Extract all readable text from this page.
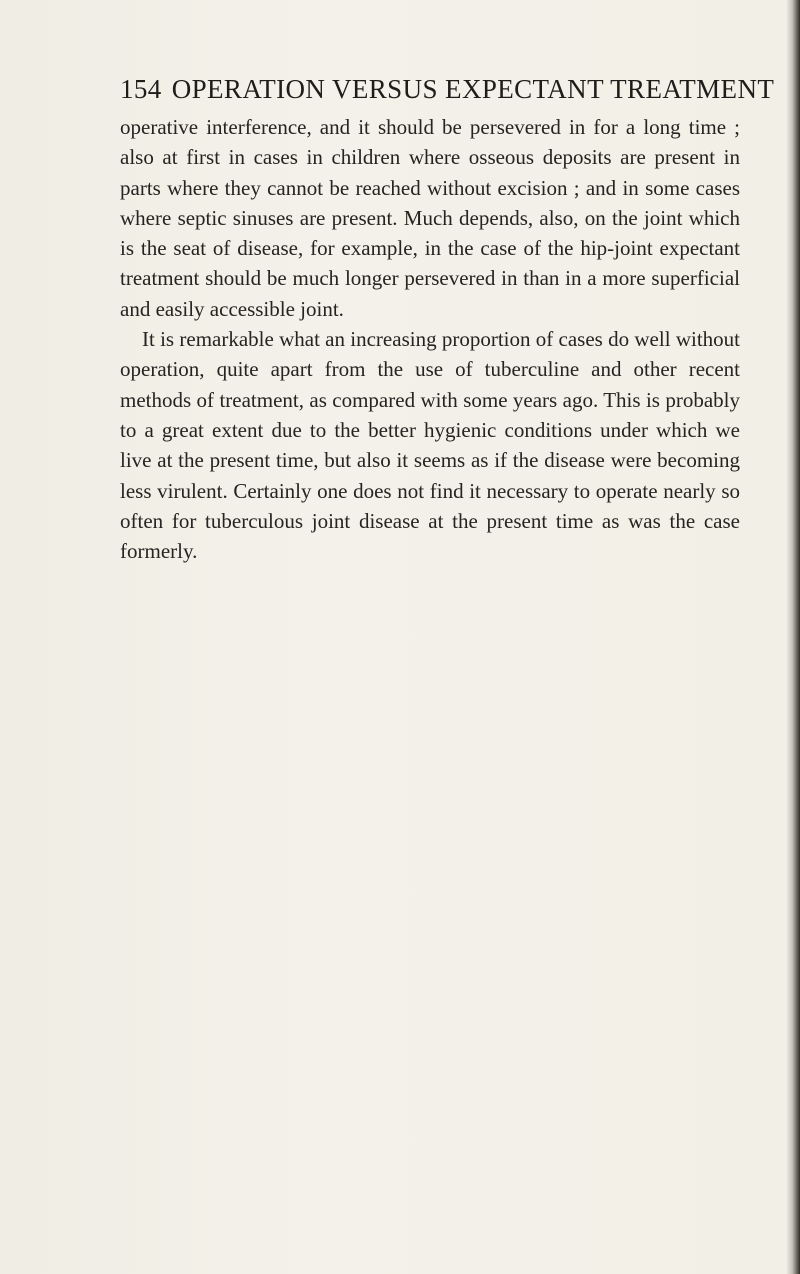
154 OPERATION VERSUS EXPECTANT TREATMENT

operative interference, and it should be persevered in for a long time ; also at first in cases in children where osseous deposits are present in parts where they cannot be reached without excision ; and in some cases where septic sinuses are present. Much depends, also, on the joint which is the seat of disease, for example, in the case of the hip-joint expectant treatment should be much longer persevered in than in a more superficial and easily accessible joint.

It is remarkable what an increasing proportion of cases do well without operation, quite apart from the use of tuberculine and other recent methods of treatment, as compared with some years ago. This is probably to a great extent due to the better hygienic conditions under which we live at the present time, but also it seems as if the disease were becoming less virulent. Certainly one does not find it necessary to operate nearly so often for tuberculous joint disease at the present time as was the case formerly.
